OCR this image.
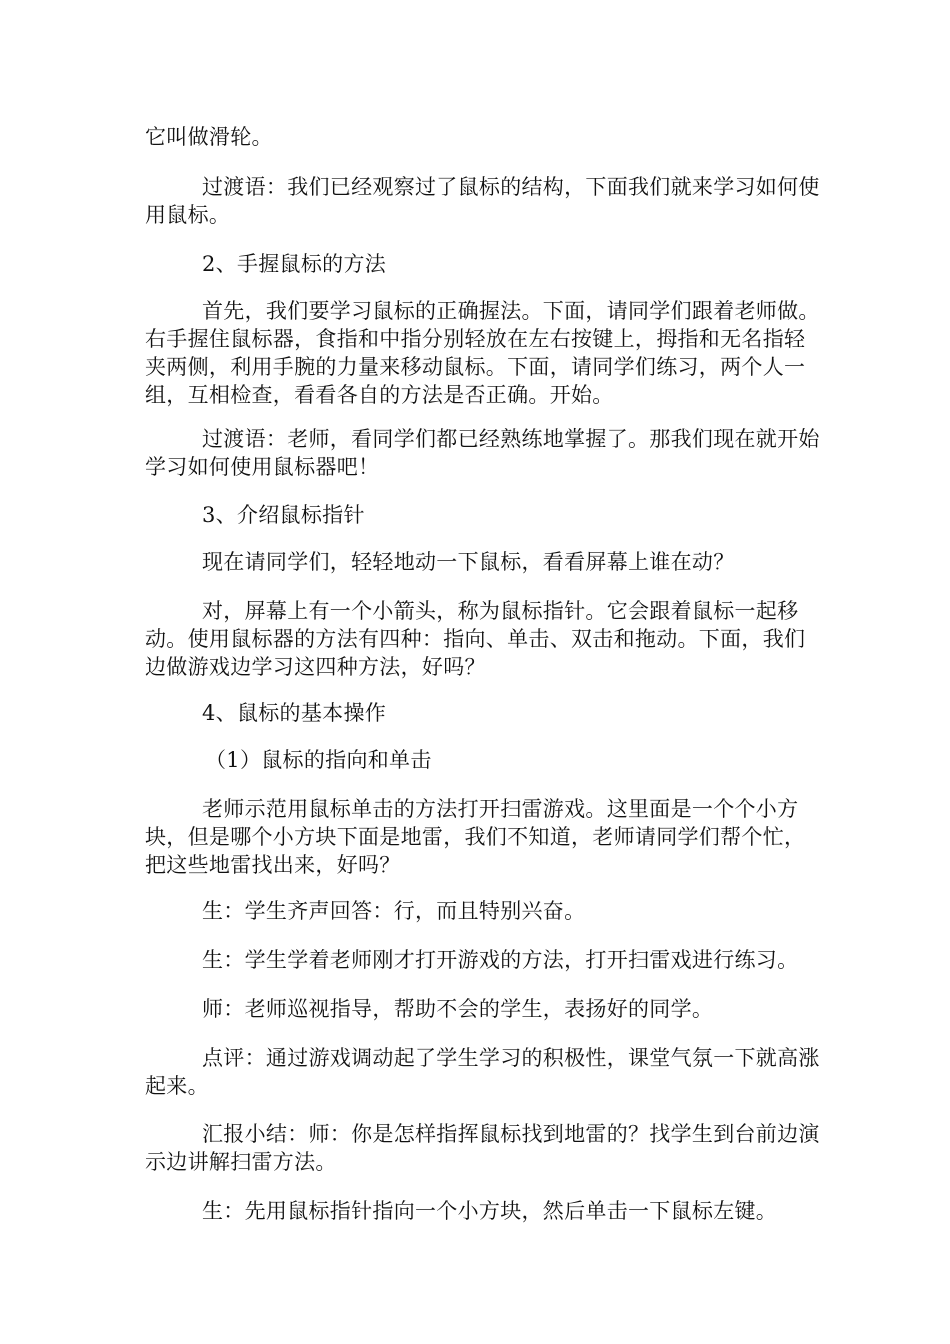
它叫做滑轮。

过渡语：我们已经观察过了鼠标的结构，下面我们就来学习如何使用鼠标。

2、手握鼠标的方法

首先，我们要学习鼠标的正确握法。下面，请同学们跟着老师做。右手握住鼠标器，食指和中指分别轻放在左右按键上，拇指和无名指轻夹两侧，利用手腕的力量来移动鼠标。下面，请同学们练习，两个人一组，互相检查，看看各自的方法是否正确。开始。

过渡语：老师，看同学们都已经熟练地掌握了。那我们现在就开始学习如何使用鼠标器吧！

3、介绍鼠标指针

现在请同学们，轻轻地动一下鼠标，看看屏幕上谁在动？

对，屏幕上有一个小箭头，称为鼠标指针。它会跟着鼠标一起移动。使用鼠标器的方法有四种：指向、单击、双击和拖动。下面，我们边做游戏边学习这四种方法，好吗？

4、鼠标的基本操作

（1）鼠标的指向和单击

老师示范用鼠标单击的方法打开扫雷游戏。这里面是一个个小方块，但是哪个小方块下面是地雷，我们不知道，老师请同学们帮个忙，把这些地雷找出来，好吗？

生：学生齐声回答：行，而且特别兴奋。

生：学生学着老师刚才打开游戏的方法，打开扫雷戏进行练习。

师：老师巡视指导，帮助不会的学生，表扬好的同学。

点评：通过游戏调动起了学生学习的积极性，课堂气氛一下就高涨起来。

汇报小结：师：你是怎样指挥鼠标找到地雷的？找学生到台前边演示边讲解扫雷方法。

生：先用鼠标指针指向一个小方块，然后单击一下鼠标左键。
